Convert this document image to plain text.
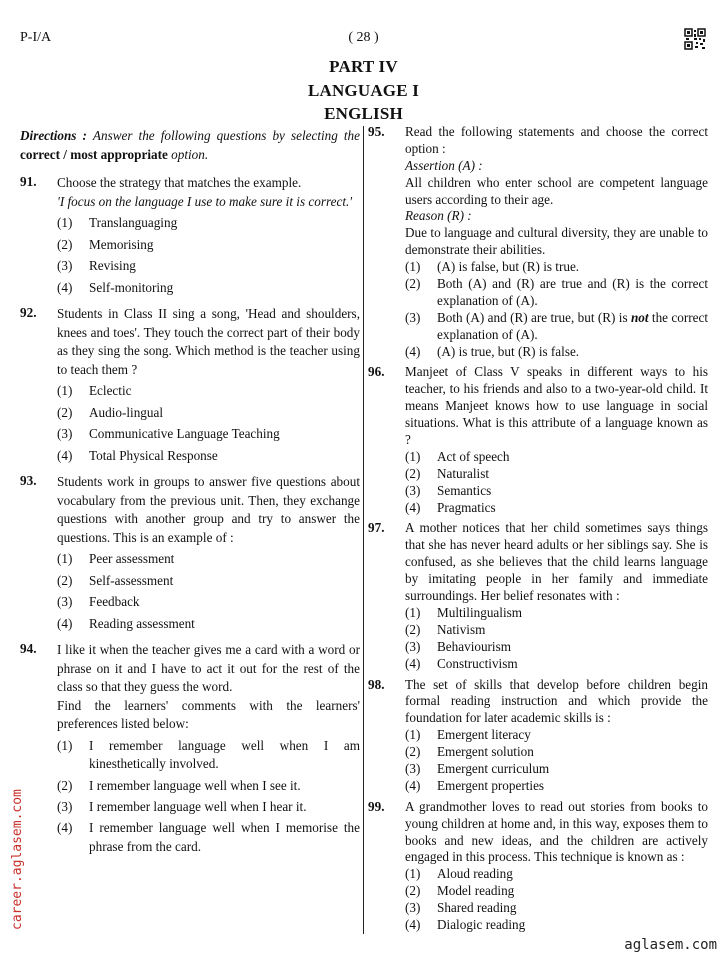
P-I/A	( 28 )
PART IV
LANGUAGE I
ENGLISH
Directions : Answer the following questions by selecting the correct / most appropriate option.
91.	Choose the strategy that matches the example.
'I focus on the language I use to make sure it is correct.'
(1)	Translanguaging
(2)	Memorising
(3)	Revising
(4)	Self-monitoring
92.	Students in Class II sing a song, 'Head and shoulders, knees and toes'. They touch the correct part of their body as they sing the song. Which method is the teacher using to teach them ?
(1)	Eclectic
(2)	Audio-lingual
(3)	Communicative Language Teaching
(4)	Total Physical Response
93.	Students work in groups to answer five questions about vocabulary from the previous unit. Then, they exchange questions with another group and try to answer the questions. This is an example of :
(1)	Peer assessment
(2)	Self-assessment
(3)	Feedback
(4)	Reading assessment
94.	I like it when the teacher gives me a card with a word or phrase on it and I have to act it out for the rest of the class so that they guess the word.
Find the learners' comments with the learners' preferences listed below:
(1)	I remember language well when I am kinesthetically involved.
(2)	I remember language well when I see it.
(3)	I remember language well when I hear it.
(4)	I remember language well when I memorise the phrase from the card.
95.	Read the following statements and choose the correct option :
Assertion (A) :
All children who enter school are competent language users according to their age.
Reason (R) :
Due to language and cultural diversity, they are unable to demonstrate their abilities.
(1)	(A) is false, but (R) is true.
(2)	Both (A) and (R) are true and (R) is the correct explanation of (A).
(3)	Both (A) and (R) are true, but (R) is not the correct explanation of (A).
(4)	(A) is true, but (R) is false.
96.	Manjeet of Class V speaks in different ways to his teacher, to his friends and also to a two-year-old child. It means Manjeet knows how to use language in social situations. What is this attribute of a language known as ?
(1)	Act of speech
(2)	Naturalist
(3)	Semantics
(4)	Pragmatics
97.	A mother notices that her child sometimes says things that she has never heard adults or her siblings say. She is confused, as she believes that the child learns language by imitating people in her family and immediate surroundings. Her belief resonates with :
(1)	Multilingualism
(2)	Nativism
(3)	Behaviourism
(4)	Constructivism
98.	The set of skills that develop before children begin formal reading instruction and which provide the foundation for later academic skills is :
(1)	Emergent literacy
(2)	Emergent solution
(3)	Emergent curriculum
(4)	Emergent properties
99.	A grandmother loves to read out stories from books to young children at home and, in this way, exposes them to books and new ideas, and the children are actively engaged in this process. This technique is known as :
(1)	Aloud reading
(2)	Model reading
(3)	Shared reading
(4)	Dialogic reading
career.aglasem.com
aglasem.com
